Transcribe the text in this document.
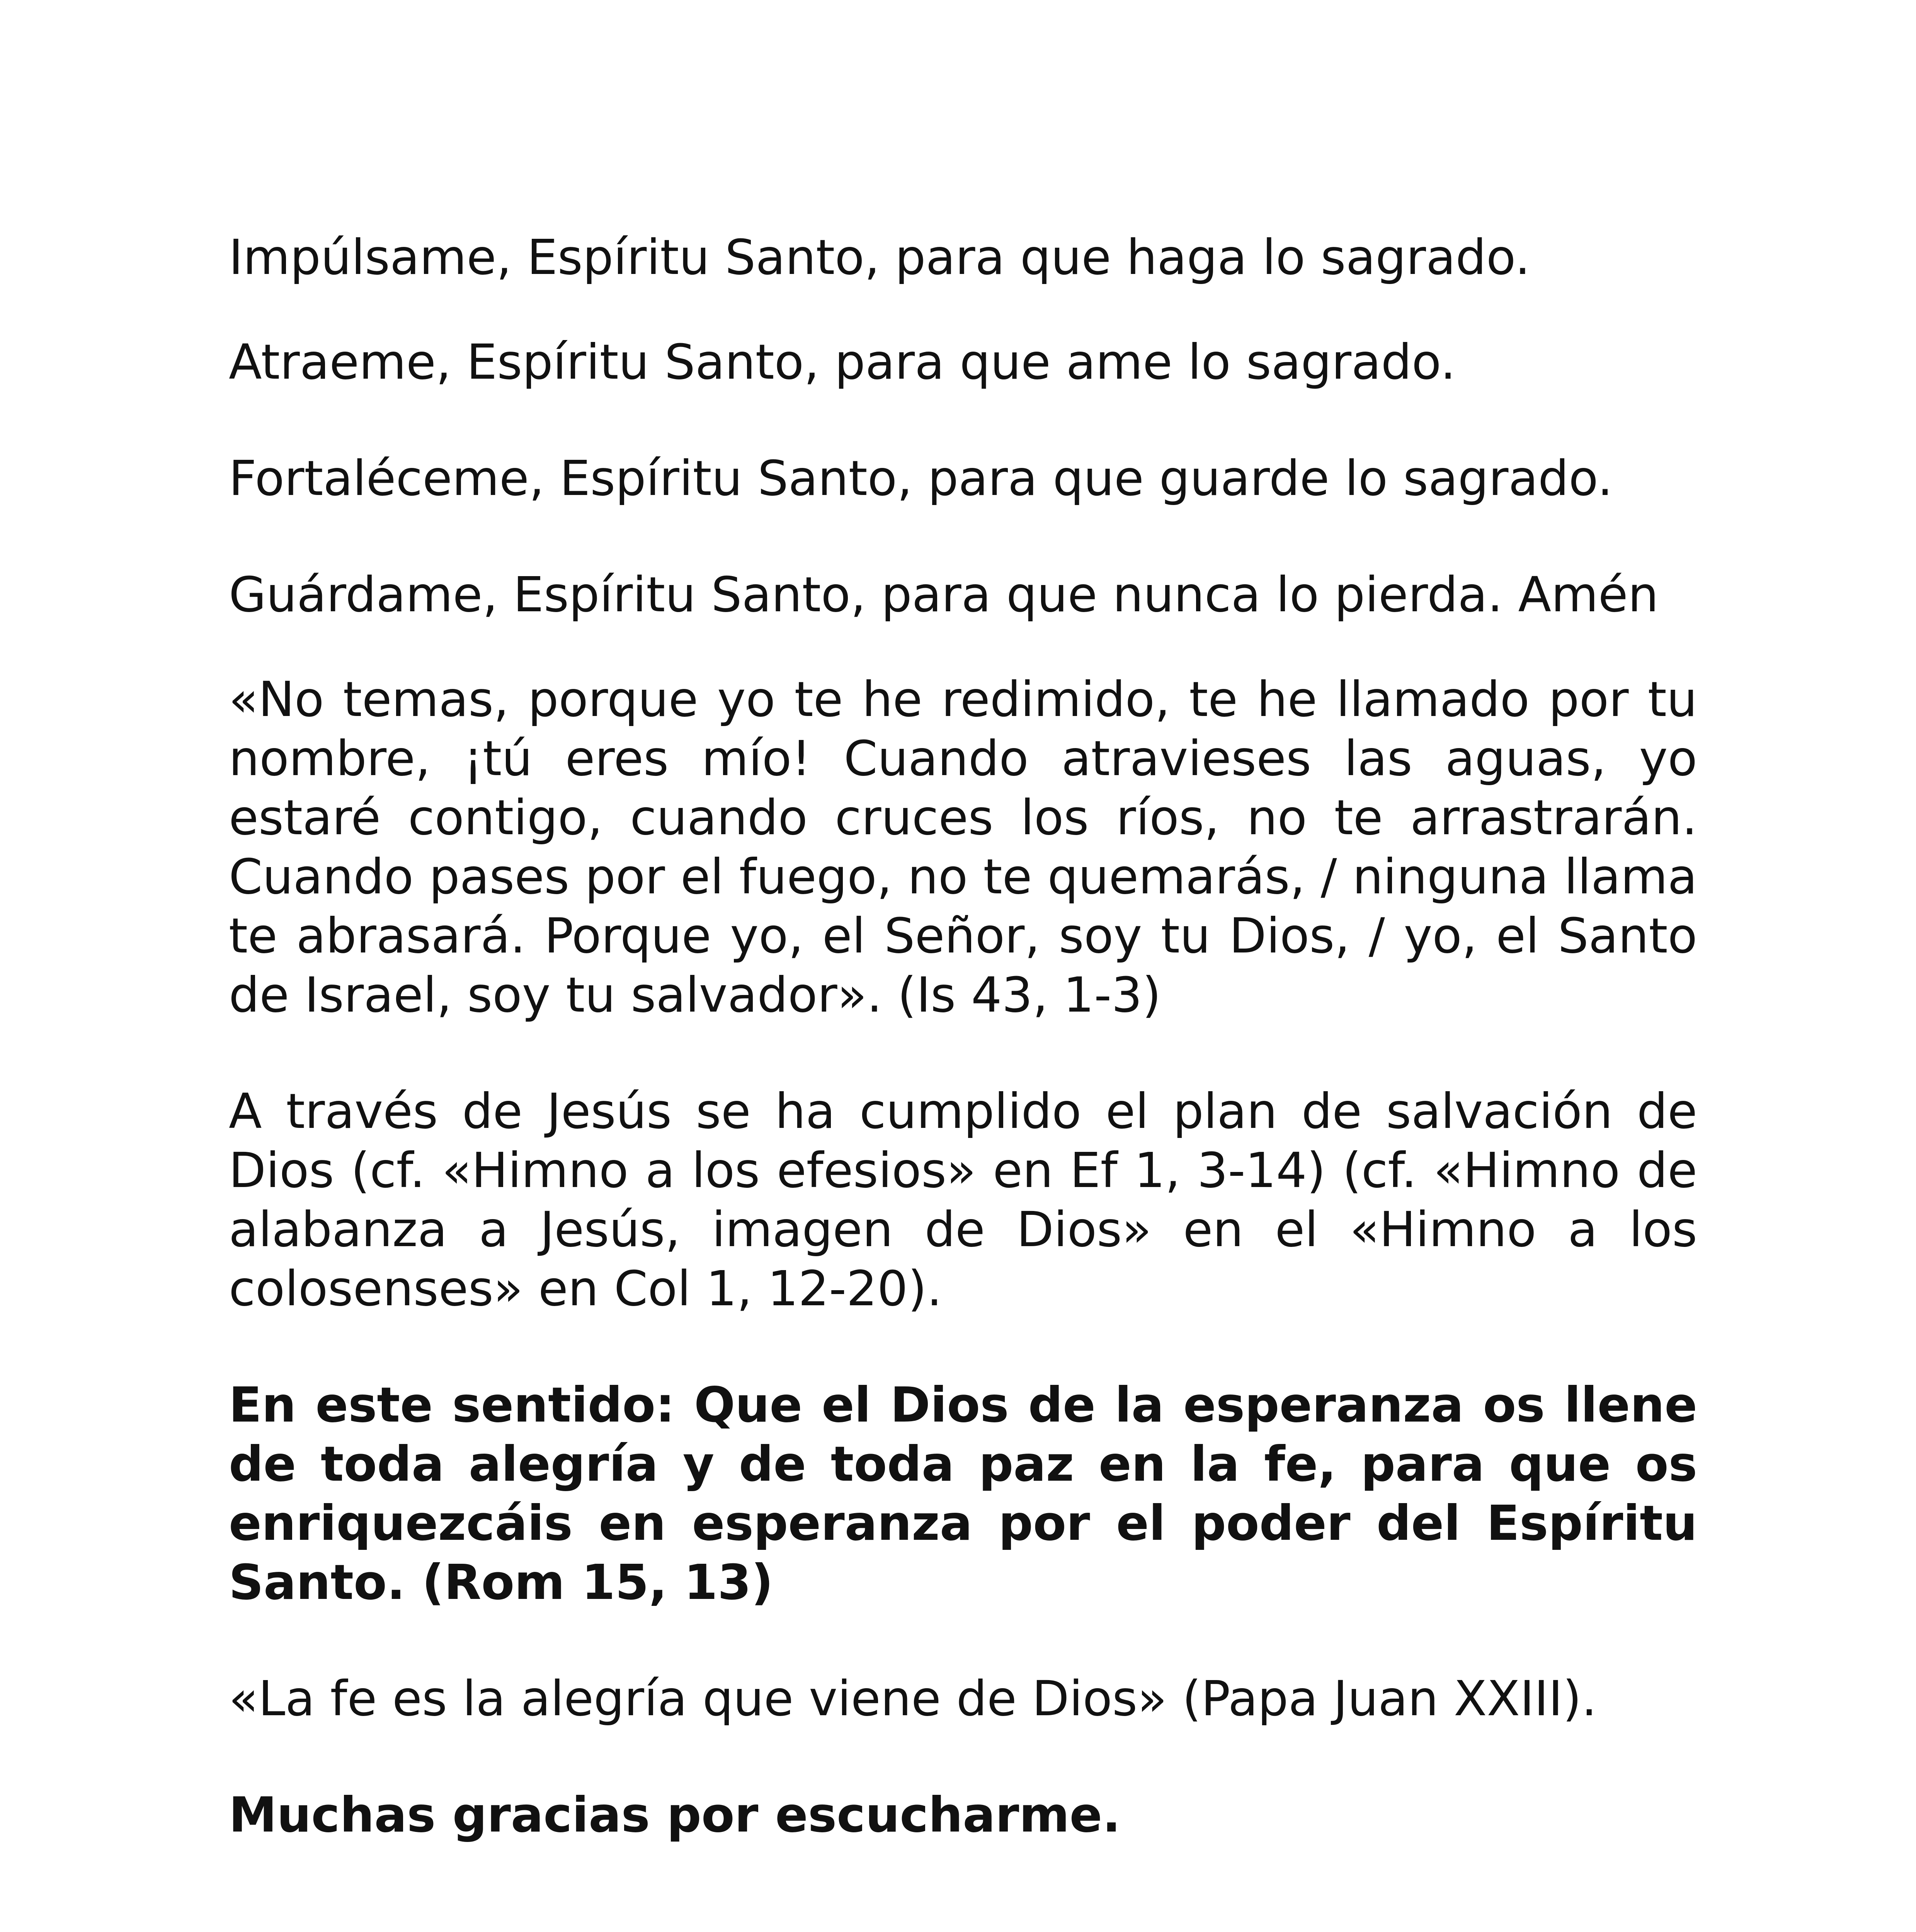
Impúlsame, Espíritu Santo, para que haga lo sagrado.

Atraeme, Espíritu Santo, para que ame lo sagrado.

Fortaléceme, Espíritu Santo, para que guarde lo sagrado.

Guárdame, Espíritu Santo, para que nunca lo pierda. Amén

«No temas, porque yo te he redimido, te he llamado por tu nombre, ¡tú eres mío! Cuando atravieses las aguas, yo estaré contigo, cuando cruces los ríos, no te arrastrarán. Cuando pases por el fuego, no te quemarás, / ninguna llama te abrasará. Porque yo, el Señor, soy tu Dios, / yo, el Santo de Israel, soy tu salvador». (Is 43, 1-3)

A través de Jesús se ha cumplido el plan de salvación de Dios (cf. «Himno a los efesios» en Ef 1, 3-14) (cf. «Himno de alabanza a Jesús, imagen de Dios» en el «Himno a los colosenses» en Col 1, 12-20).

En este sentido: Que el Dios de la esperanza os llene de toda alegría y de toda paz en la fe, para que os enriquezcáis en esperanza por el poder del Espíritu Santo. (Rom 15, 13)

«La fe es la alegría que viene de Dios» (Papa Juan XXIII).

Muchas gracias por escucharme.
